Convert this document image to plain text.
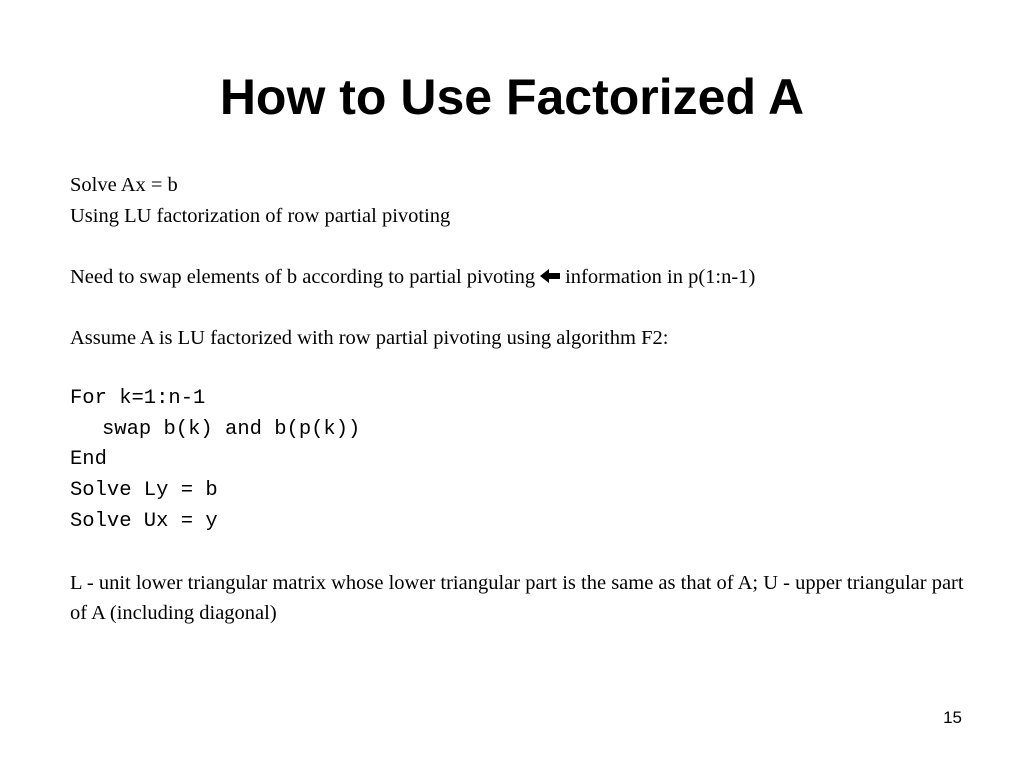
How to Use Factorized A
Solve Ax = b
Using LU factorization of row partial pivoting
Need to swap elements of b according to partial pivoting information in p(1:n-1)
Assume A is LU factorized with row partial pivoting using algorithm F2:
For k=1:n-1
swap b(k) and b(p(k))
End
Solve Ly = b
Solve Ux = y
L - unit lower triangular matrix whose lower triangular part is the same as that of A; U - upper triangular part of A (including diagonal)
15
